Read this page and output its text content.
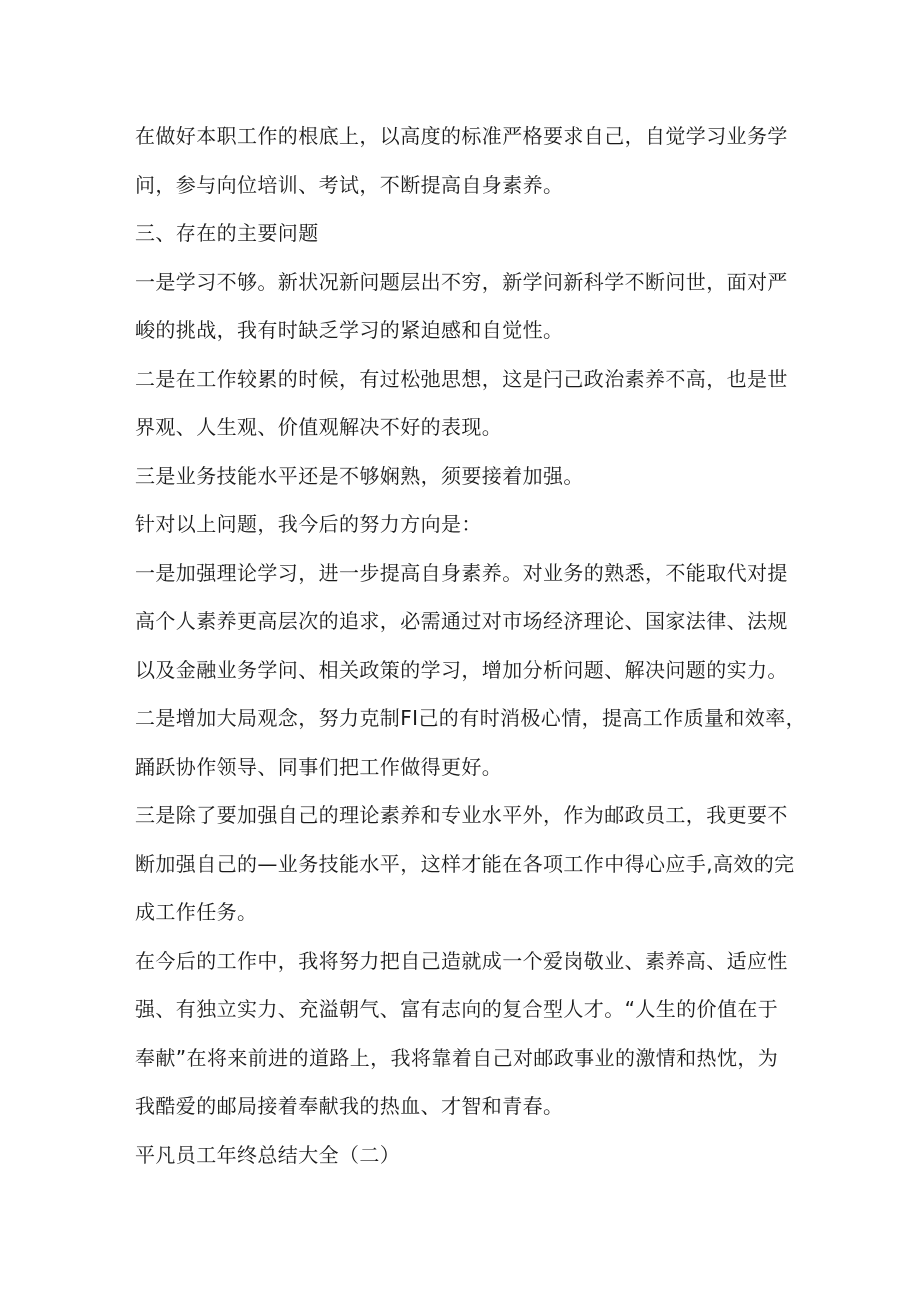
在做好本职工作的根底上，以高度的标准严格要求自己，自觉学习业务学
问，参与向位培训、考试，不断提高自身素养。
三、存在的主要问题
一是学习不够。新状况新问题层出不穷，新学问新科学不断问世，面对严
峻的挑战，我有时缺乏学习的紧迫感和自觉性。
二是在工作较累的时候，有过松弛思想，这是闩己政治素养不高，也是世
界观、人生观、价值观解决不好的表现。
三是业务技能水平还是不够娴熟，须要接着加强。
针对以上问题，我今后的努力方向是：
一是加强理论学习，进一步提高自身素养。对业务的熟悉，不能取代对提
高个人素养更高层次的追求，必需通过对市场经济理论、国家法律、法规
以及金融业务学问、相关政策的学习，增加分析问题、解决问题的实力。
二是增加大局观念，努力克制FI己的有时消极心情，提高工作质量和效率，
踊跃协作领导、同事们把工作做得更好。
三是除了要加强自己的理论素养和专业水平外，作为邮政员工，我更要不
断加强自己的—业务技能水平，这样才能在各项工作中得心应手,高效的完
成工作任务。
在今后的工作中，我将努力把自己造就成一个爱岗敬业、素养高、适应性
强、有独立实力、充溢朝气、富有志向的复合型人才。“人生的价值在于
奉献”在将来前进的道路上，我将靠着自己对邮政事业的激情和热忱，为
我酷爱的邮局接着奉献我的热血、才智和青春。
平凡员工年终总结大全（二）
